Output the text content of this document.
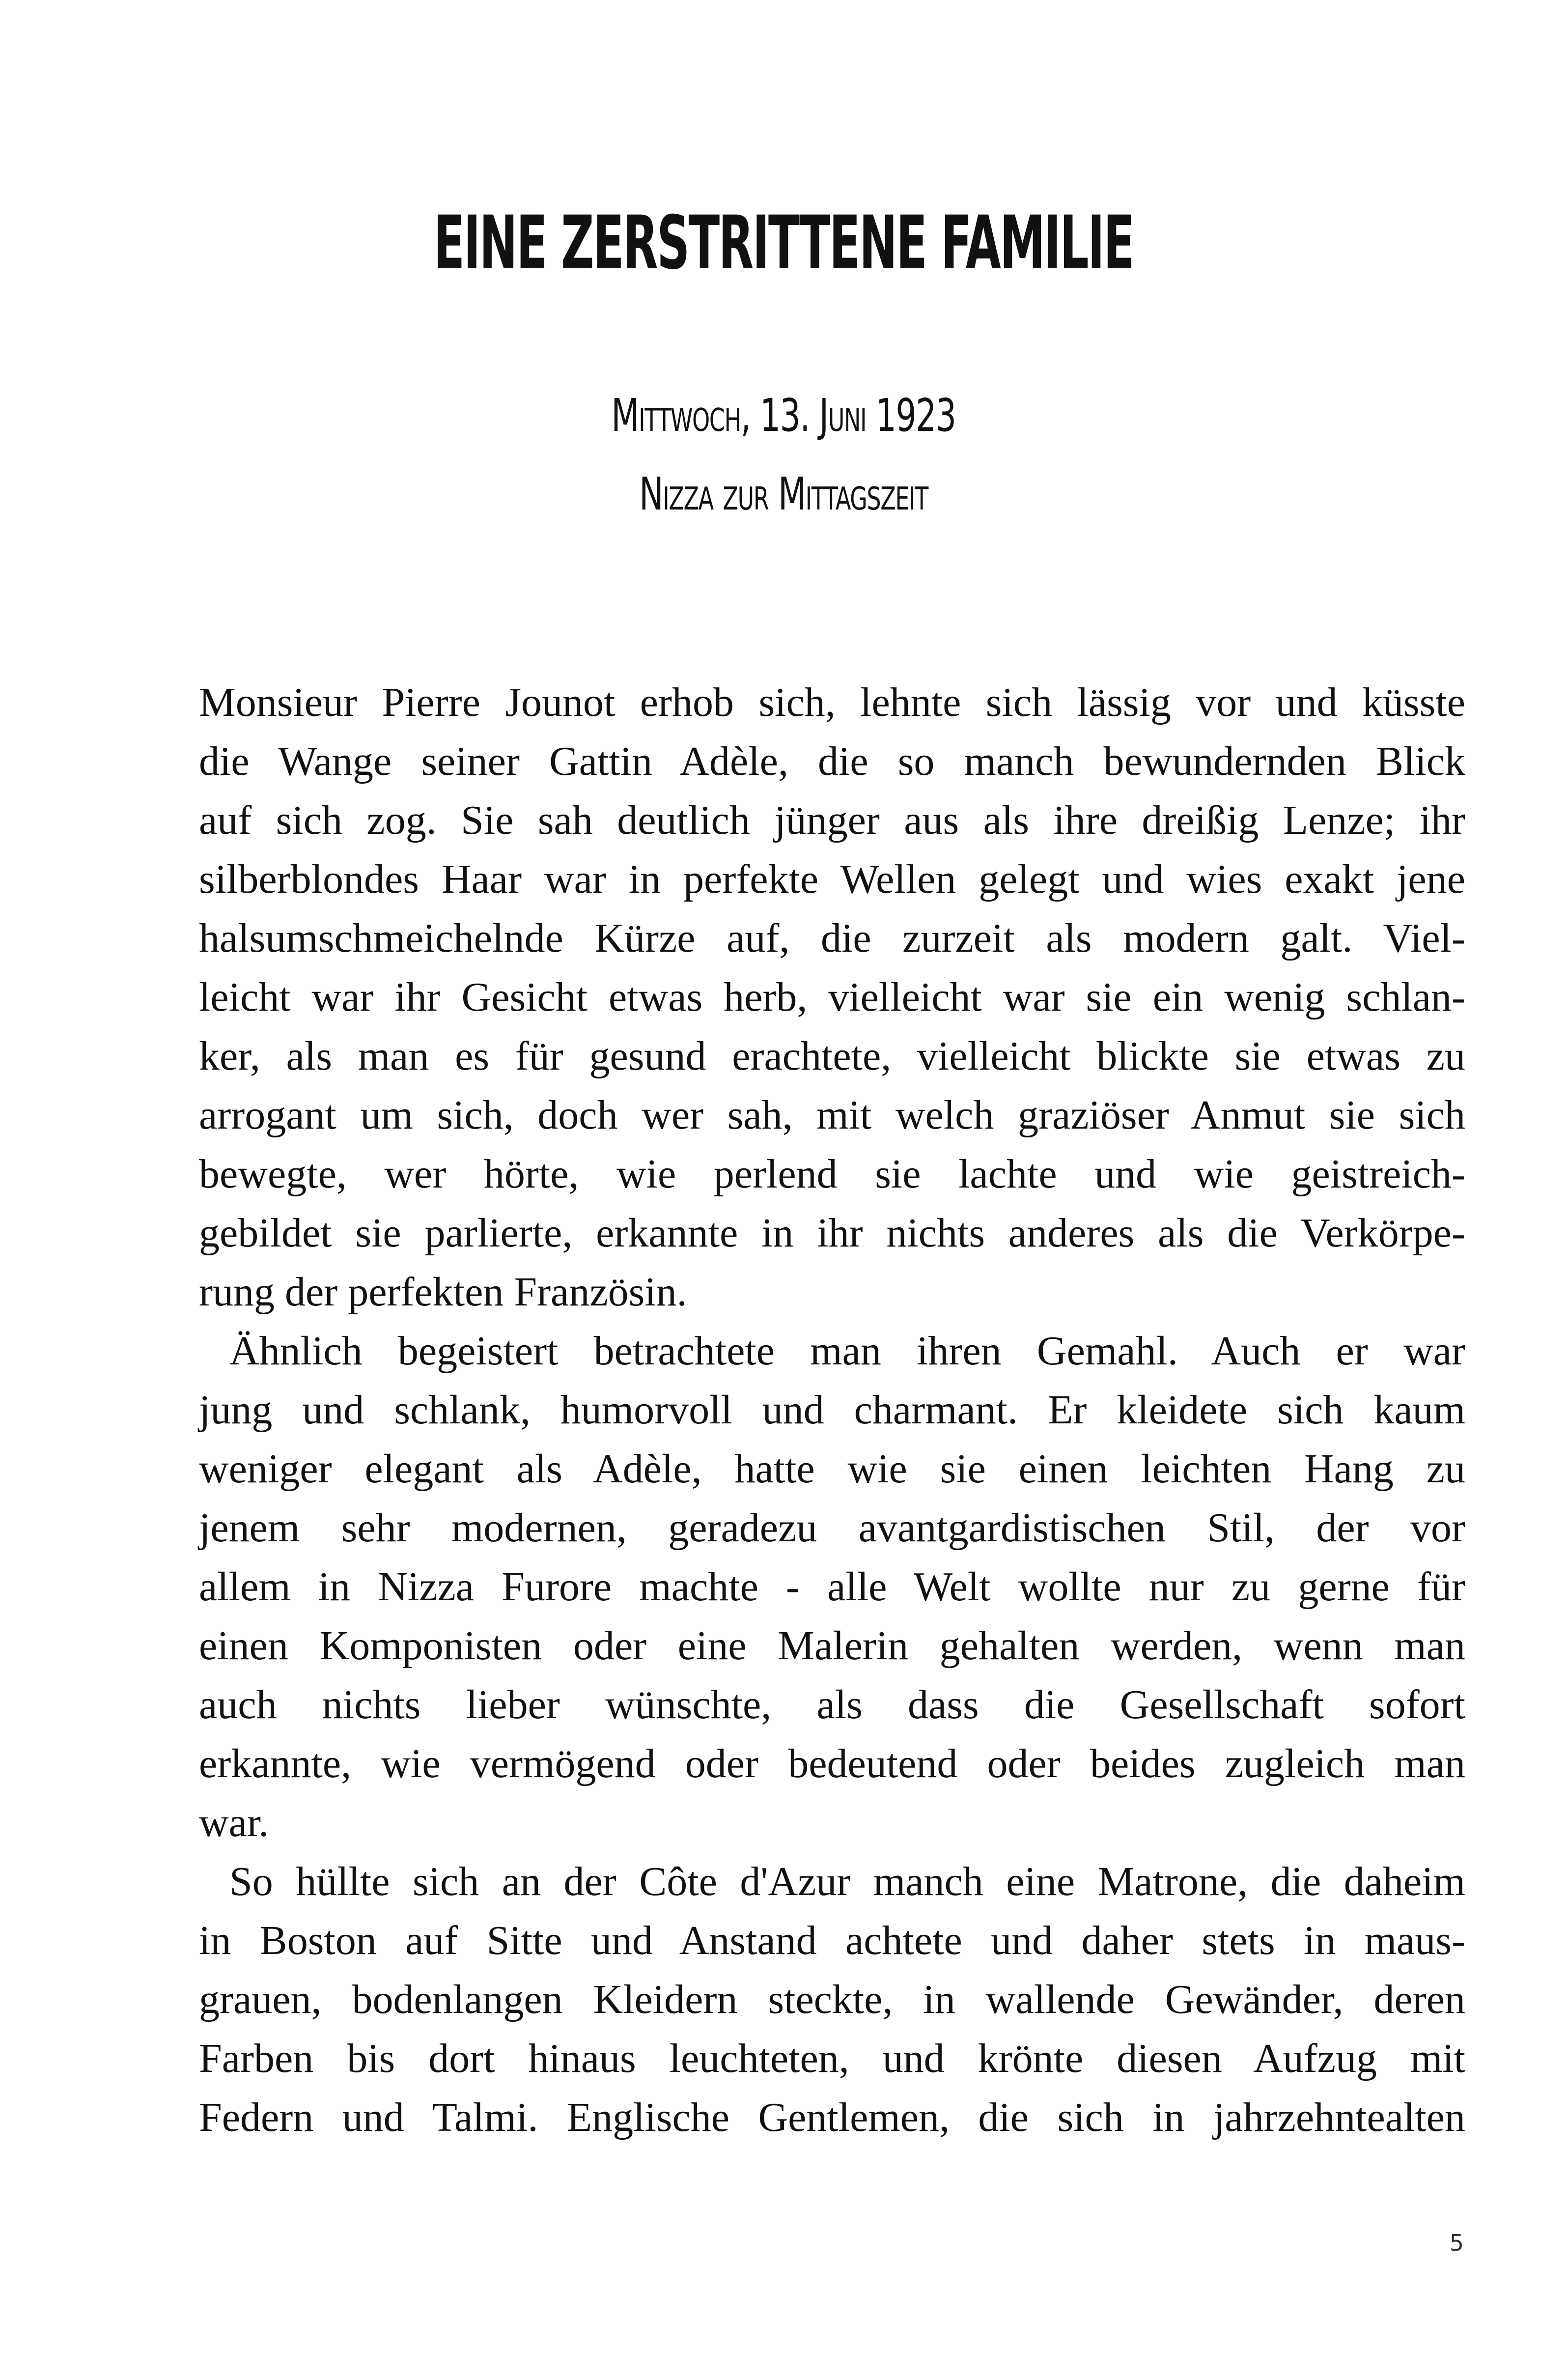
EINE ZERSTRITTENE FAMILIE
Mittwoch, 13. Juni 1923
Nizza zur Mittagszeit

Monsieur Pierre Jounot erhob sich, lehnte sich lässig vor und küsste
die Wange seiner Gattin Adèle, die so manch bewundernden Blick
auf sich zog. Sie sah deutlich jünger aus als ihre dreißig Lenze; ihr
silberblondes Haar war in perfekte Wellen gelegt und wies exakt jene
halsumschmeichelnde Kürze auf, die zurzeit als modern galt. Viel-
leicht war ihr Gesicht etwas herb, vielleicht war sie ein wenig schlan-
ker, als man es für gesund erachtete, vielleicht blickte sie etwas zu
arrogant um sich, doch wer sah, mit welch graziöser Anmut sie sich
bewegte, wer hörte, wie perlend sie lachte und wie geistreich-
gebildet sie parlierte, erkannte in ihr nichts anderes als die Verkörpe-
rung der perfekten Französin.

Ähnlich begeistert betrachtete man ihren Gemahl. Auch er war
jung und schlank, humorvoll und charmant. Er kleidete sich kaum
weniger elegant als Adèle, hatte wie sie einen leichten Hang zu
jenem sehr modernen, geradezu avantgardistischen Stil, der vor
allem in Nizza Furore machte - alle Welt wollte nur zu gerne für
einen Komponisten oder eine Malerin gehalten werden, wenn man
auch nichts lieber wünschte, als dass die Gesellschaft sofort
erkannte, wie vermögend oder bedeutend oder beides zugleich man
war.

So hüllte sich an der Côte d'Azur manch eine Matrone, die daheim
in Boston auf Sitte und Anstand achtete und daher stets in maus-
grauen, bodenlangen Kleidern steckte, in wallende Gewänder, deren
Farben bis dort hinaus leuchteten, und krönte diesen Aufzug mit
Federn und Talmi. Englische Gentlemen, die sich in jahrzehntealten

5
